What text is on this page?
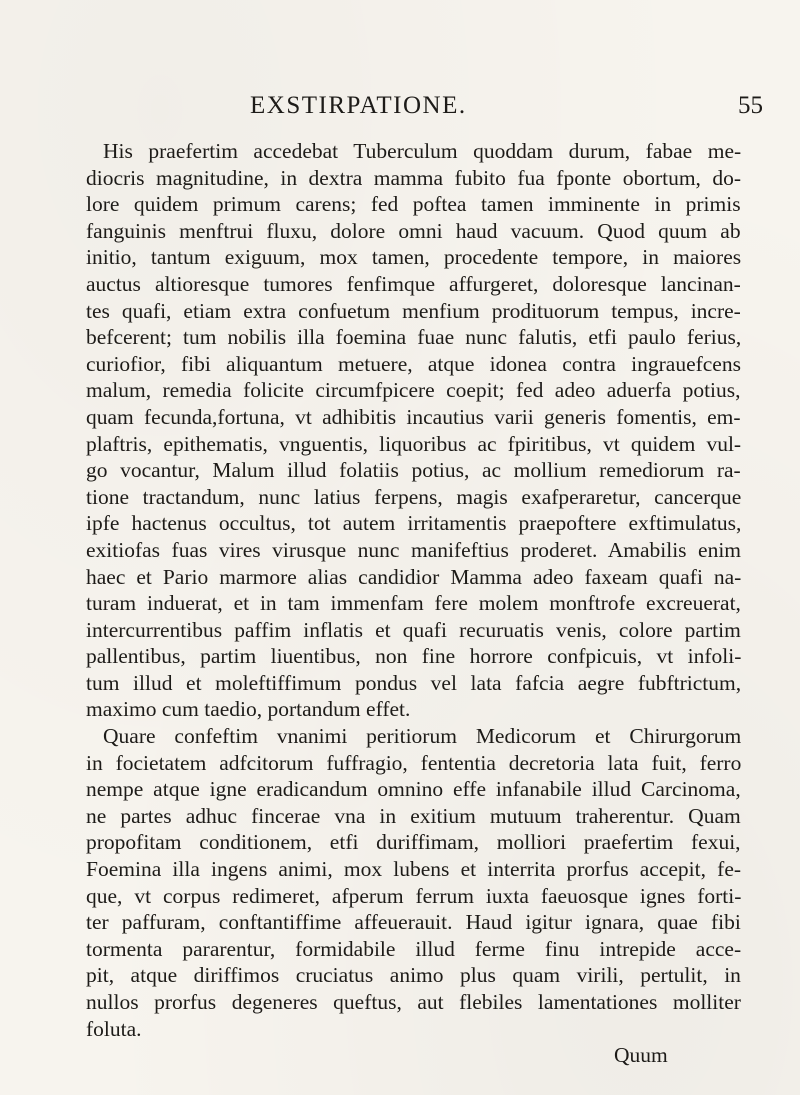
EXSTIRPATIONE.	55
His praefertim accedebat Tuberculum quoddam durum, fabae me-
diocris magnitudine, in dextra mamma fubito fua fponte obortum, do-
lore quidem primum carens; fed poftea tamen imminente in primis
fanguinis menftrui fluxu, dolore omni haud vacuum. Quod quum ab
initio, tantum exiguum, mox tamen, procedente tempore, in maiores
auctus altioresque tumores fenfimque affurgeret, doloresque lancinan-
tes quafi, etiam extra confuetum menfium prodituorum tempus, incre-
befcerent; tum nobilis illa foemina fuae nunc falutis, etfi paulo ferius,
curiofior, fibi aliquantum metuere, atque idonea contra ingrauefcens
malum, remedia folicite circumfpicere coepit; fed adeo aduerfa potius,
quam fecunda,fortuna, vt adhibitis incautius varii generis fomentis, em-
plaftris, epithematis, vnguentis, liquoribus ac fpiritibus, vt quidem vul-
go vocantur, Malum illud folatiis potius, ac mollium remediorum ra-
tione tractandum, nunc latius ferpens, magis exafperaretur, cancerque
ipfe hactenus occultus, tot autem irritamentis praepoftere exftimulatus,
exitiofas fuas vires virusque nunc manifeftius proderet. Amabilis enim
haec et Pario marmore alias candidior Mamma adeo faxeam quafi na-
turam induerat, et in tam immenfam fere molem monftrofe excreuerat,
intercurrentibus paffim inflatis et quafi recuruatis venis, colore partim
pallentibus, partim liuentibus, non fine horrore confpicuis, vt infoli-
tum illud et moleftiffimum pondus vel lata fafcia aegre fubftrictum,
maximo cum taedio, portandum effet.
Quare confeftim vnanimi peritiorum Medicorum et Chirurgorum
in focietatem adfcitorum fuffragio, fententia decretoria lata fuit, ferro
nempe atque igne eradicandum omnino effe infanabile illud Carcinoma,
ne partes adhuc fincerae vna in exitium mutuum traherentur. Quam
propofitam conditionem, etfi duriffimam, molliori praefertim fexui,
Foemina illa ingens animi, mox lubens et interrita prorfus accepit, fe-
que, vt corpus redimeret, afperum ferrum iuxta faeuosque ignes forti-
ter paffuram, conftantiffime affeuerauit. Haud igitur ignara, quae fibi
tormenta pararentur, formidabile illud ferme finu intrepide acce-
pit, atque diriffimos cruciatus animo plus quam virili, pertulit, in
nullos prorfus degeneres queftus, aut flebiles lamentationes molliter
foluta.
Quum
